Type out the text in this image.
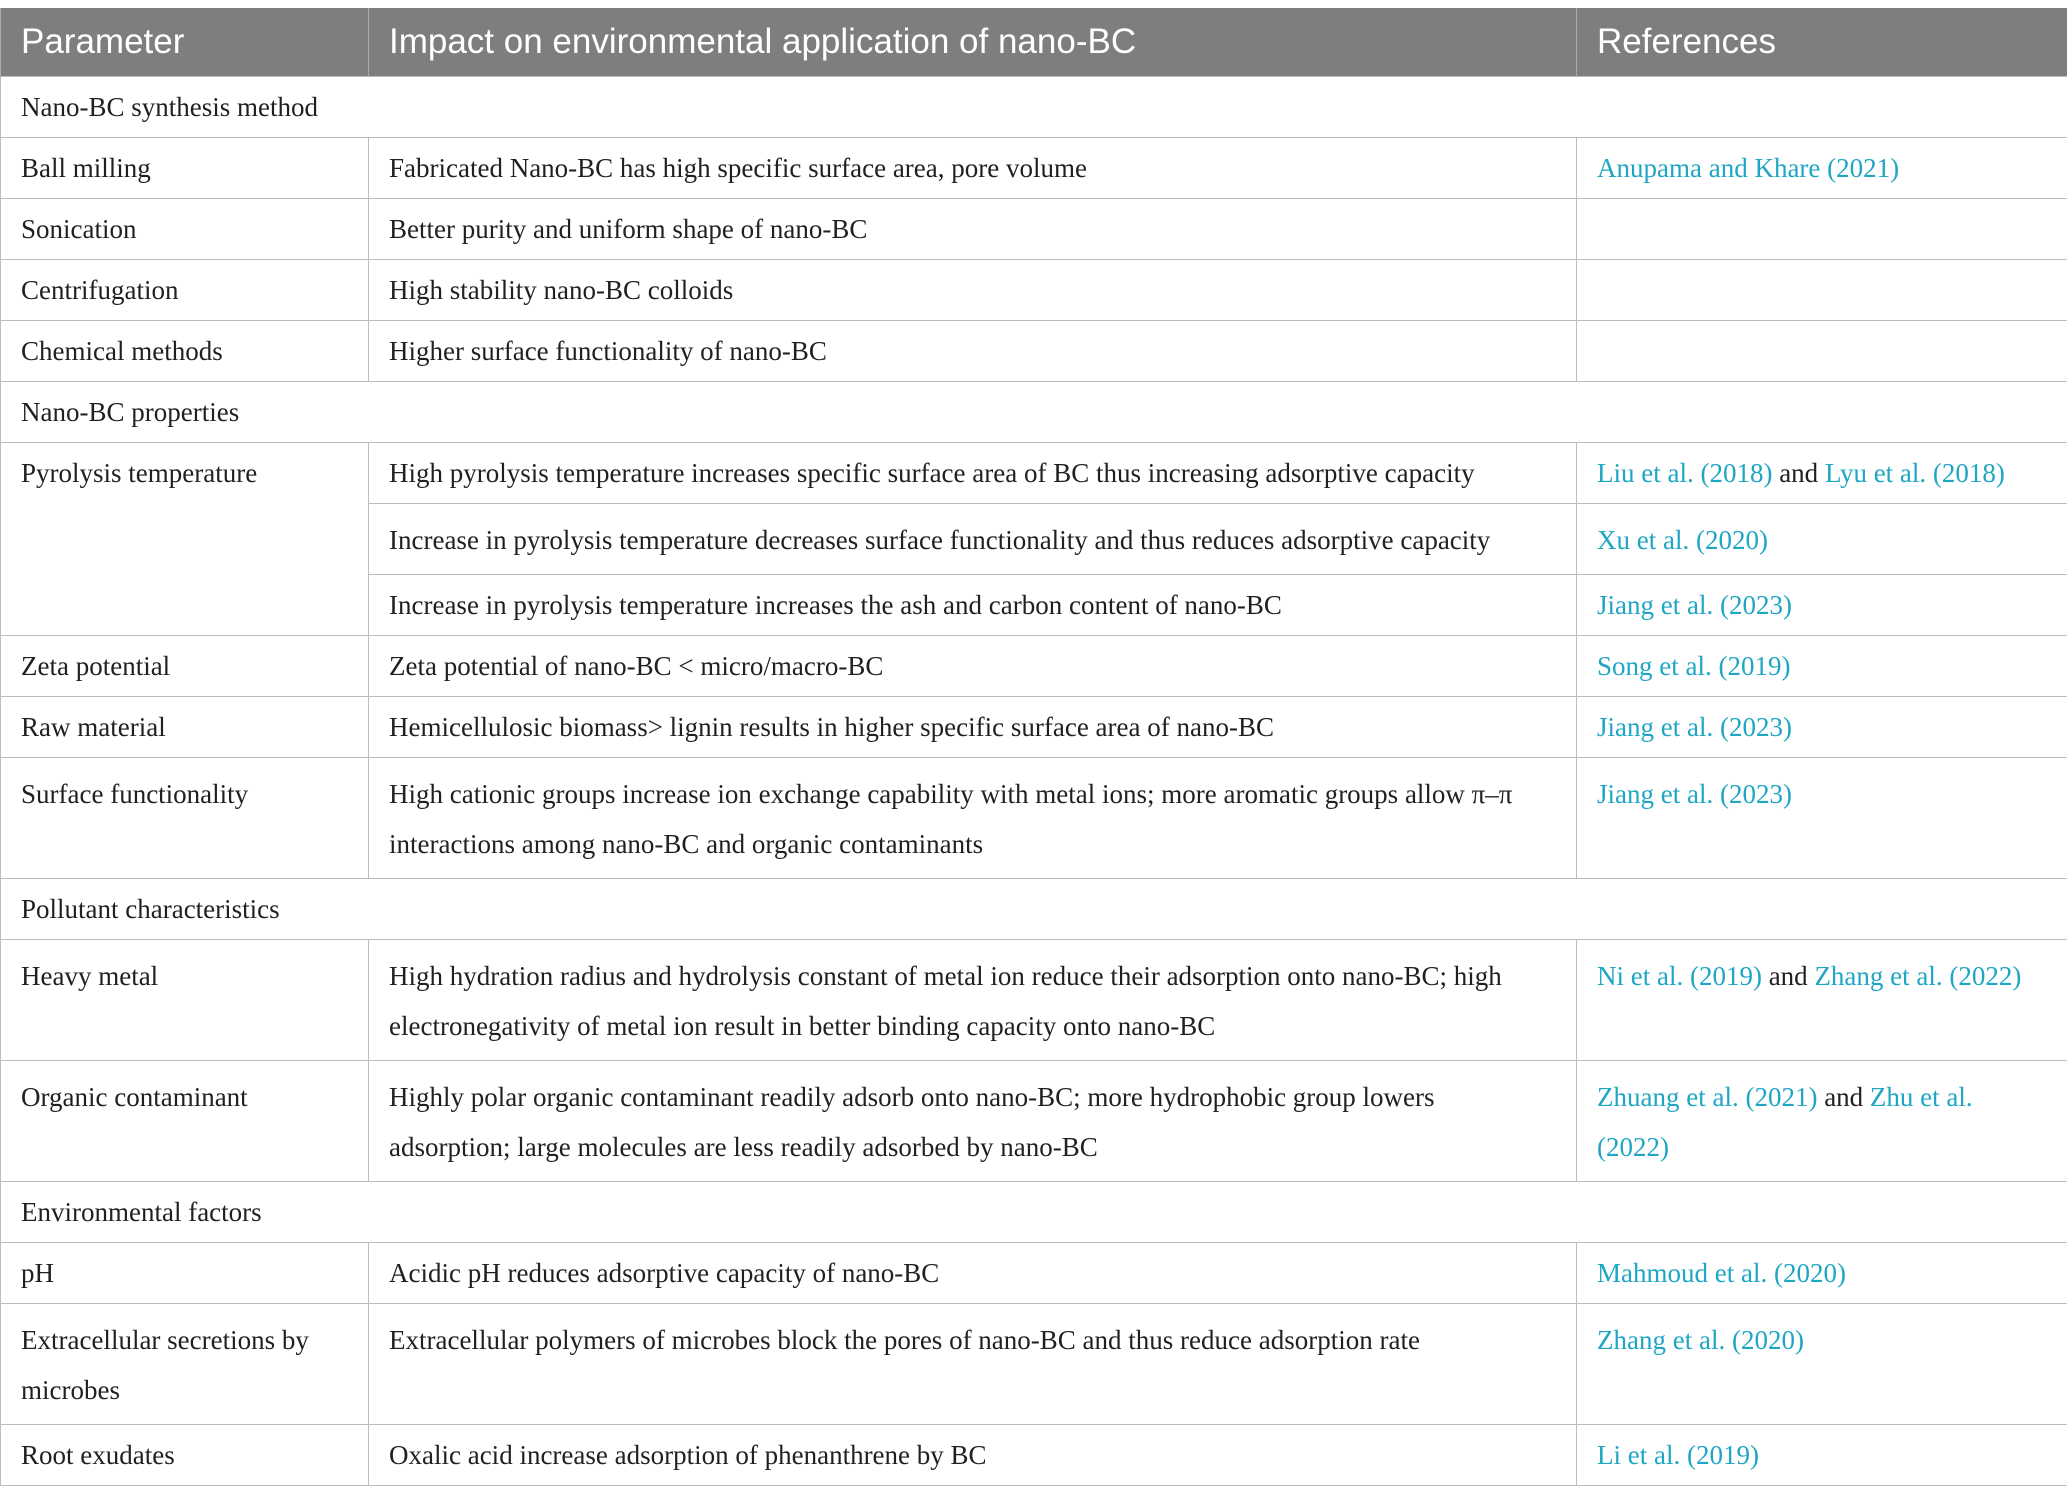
Parameter	Impact on environmental application of nano-BC	References
Nano-BC synthesis method		
Ball milling	Fabricated Nano-BC has high specific surface area, pore volume	Anupama and Khare (2021)
Sonication	Better purity and uniform shape of nano-BC	
Centrifugation	High stability nano-BC colloids	
Chemical methods	Higher surface functionality of nano-BC	
Nano-BC properties		
Pyrolysis temperature	High pyrolysis temperature increases specific surface area of BC thus increasing adsorptive capacity	Liu et al. (2018) and Lyu et al. (2018)
	Increase in pyrolysis temperature decreases surface functionality and thus reduces adsorptive capacity	Xu et al. (2020)
	Increase in pyrolysis temperature increases the ash and carbon content of nano-BC	Jiang et al. (2023)
Zeta potential	Zeta potential of nano-BC < micro/macro-BC	Song et al. (2019)
Raw material	Hemicellulosic biomass> lignin results in higher specific surface area of nano-BC	Jiang et al. (2023)
Surface functionality	High cationic groups increase ion exchange capability with metal ions; more aromatic groups allow π–π interactions among nano-BC and organic contaminants	Jiang et al. (2023)
Pollutant characteristics		
Heavy metal	High hydration radius and hydrolysis constant of metal ion reduce their adsorption onto nano-BC; high electronegativity of metal ion result in better binding capacity onto nano-BC	Ni et al. (2019) and Zhang et al. (2022)
Organic contaminant	Highly polar organic contaminant readily adsorb onto nano-BC; more hydrophobic group lowers adsorption; large molecules are less readily adsorbed by nano-BC	Zhuang et al. (2021) and Zhu et al. (2022)
Environmental factors		
pH	Acidic pH reduces adsorptive capacity of nano-BC	Mahmoud et al. (2020)
Extracellular secretions by microbes	Extracellular polymers of microbes block the pores of nano-BC and thus reduce adsorption rate	Zhang et al. (2020)
Root exudates	Oxalic acid increase adsorption of phenanthrene by BC	Li et al. (2019)
